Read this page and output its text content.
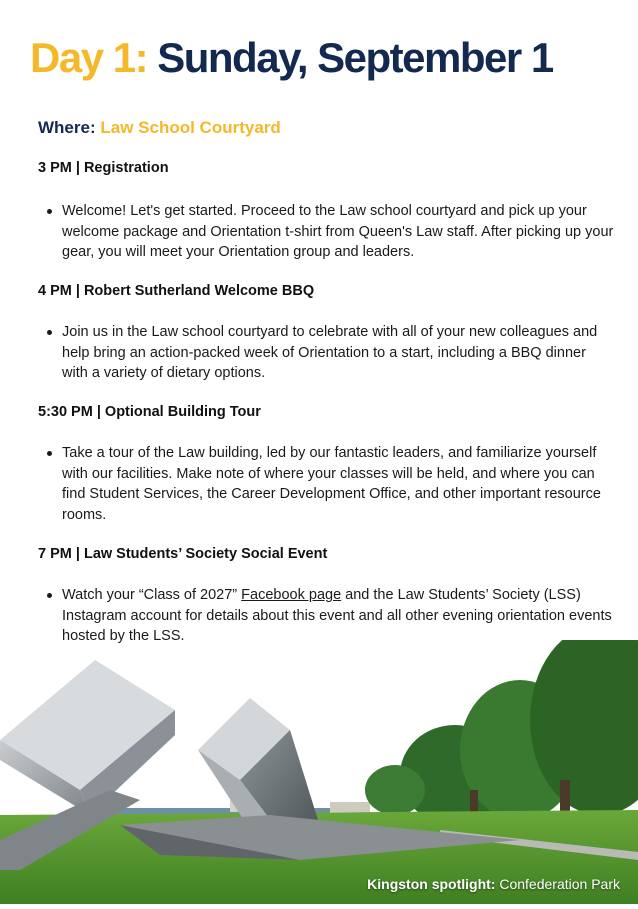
Day 1: Sunday, September 1

Where: Law School Courtyard

3 PM | Registration

Welcome! Let's get started. Proceed to the Law school courtyard and pick up your welcome package and Orientation t-shirt from Queen's Law staff. After picking up your gear, you will meet your Orientation group and leaders.

4 PM | Robert Sutherland Welcome BBQ

Join us in the Law school courtyard to celebrate with all of your new colleagues and help bring an action-packed week of Orientation to a start, including a BBQ dinner with a variety of dietary options.

5:30 PM | Optional Building Tour

Take a tour of the Law building, led by our fantastic leaders, and familiarize yourself with our facilities. Make note of where your classes will be held, and where you can find Student Services, the Career Development Office, and other important resource rooms.

7 PM | Law Students’ Society Social Event

Watch your “Class of 2027” Facebook page and the Law Students’ Society (LSS) Instagram account for details about this event and all other evening orientation events hosted by the LSS.

Kingston spotlight: Confederation Park
